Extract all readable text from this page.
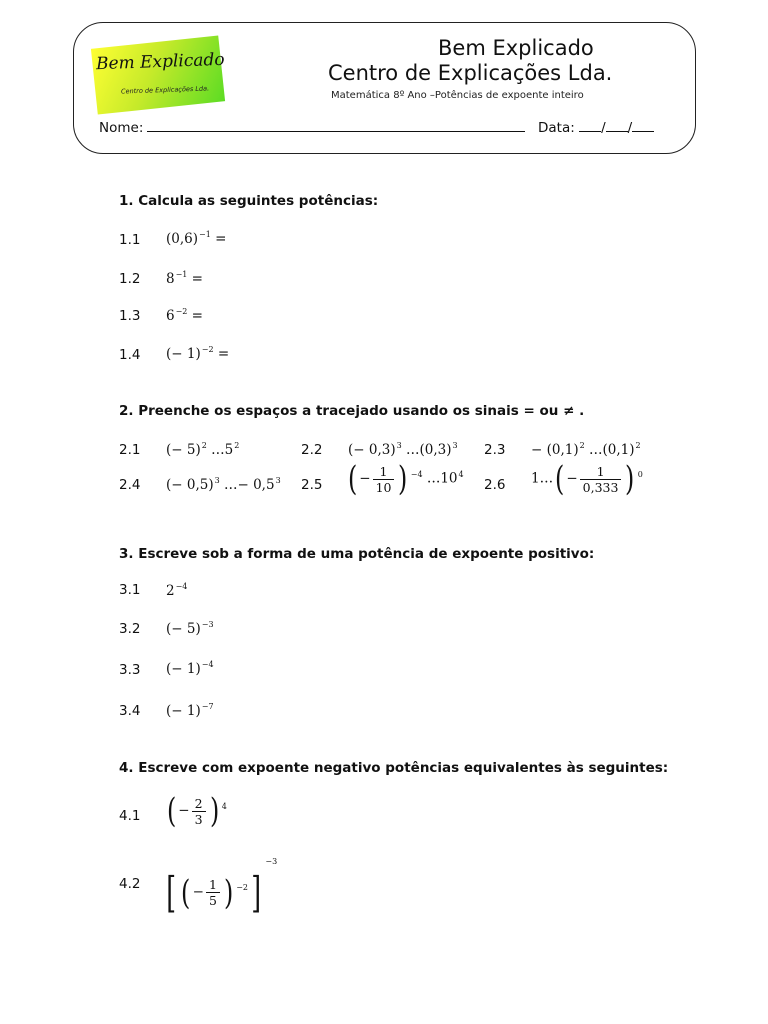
Bem Explicado
Centro de Explicações Lda.
Bem Explicado
Centro de Explicações Lda.
Matemática 8º Ano –Potências de expoente inteiro
Nome:	Data: / /
1. Calcula as seguintes potências:
1.1 $(0,6)^{-1}$ =
1.2 $8^{-1}$ =
1.3 $6^{-2}$ =
1.4 (− 1)$^{-2}$ =
2. Preenche os espaços a tracejado usando os sinais = ou ≠ .
2.1 (− 5)$^2$ $\dots 5^2$	2.2 (− 0,3)$^3$ $\dots(0,3)^3$ $2.3 - (0,1)^2$ $\dots(0,1)^2$
2.4 (− 0,5)$^3$ …− $0,5^3$ 2.5 ( − $\frac{1}{10}$ ) $^{-4}$ $\dots 10^4$
2.6 1…( − $\frac{1}{0,333}$ ) $^0$
3. Escreve sob a forma de uma potência de expoente positivo:
3.1 $2^{-4}$
3.2 (− 5)$^{-3}$
3.3 (− 1)$^{-4}$
3.4 (− 1)$^{-7}$
4. Escreve com expoente negativo potências equivalentes às seguintes:
4.1 ( − $\frac{2}{3}$ ) $^4$
4.2 [ ( − $\frac{1}{5}$ ) $^{-2}$]$^{-3}$
